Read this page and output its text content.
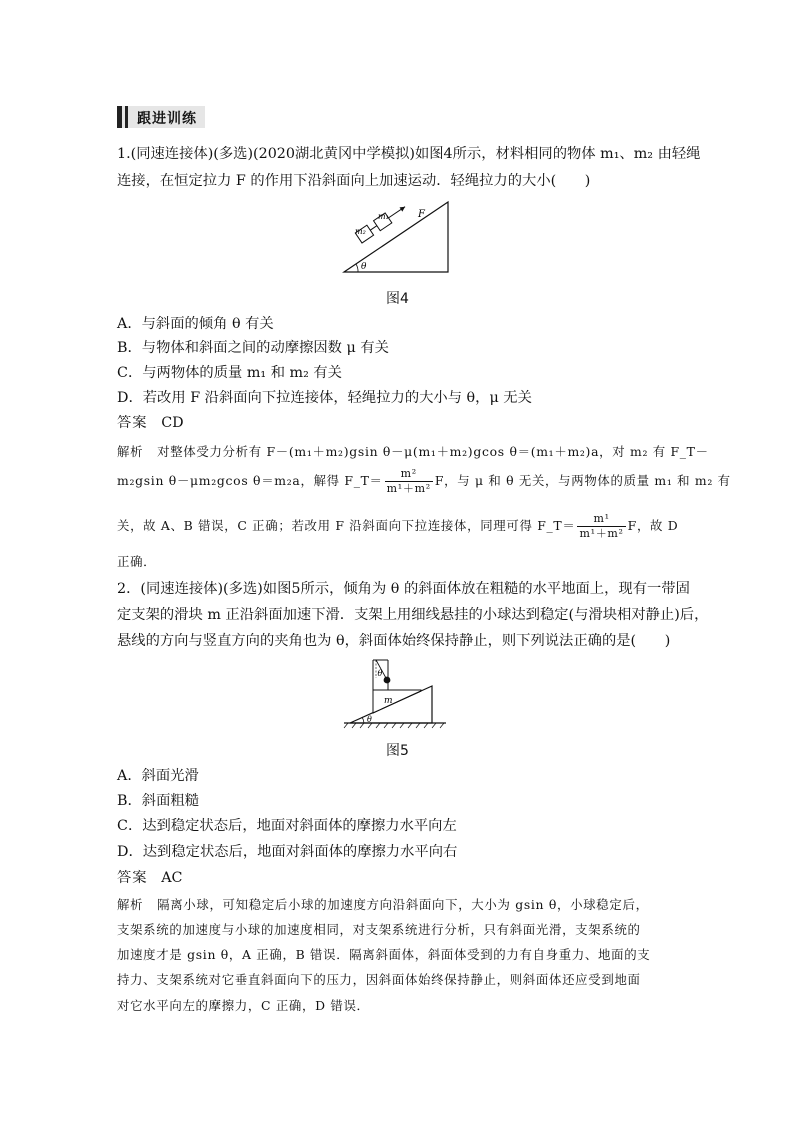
跟进训练
1.(同速连接体)(多选)(2020湖北黄冈中学模拟)如图4所示，材料相同的物体 m₁、m₂ 由轻绳
连接，在恒定拉力 F 的作用下沿斜面向上加速运动．轻绳拉力的大小(　　)
θ
m₂
m₁	F
图4
A．与斜面的倾角 θ 有关
B．与物体和斜面之间的动摩擦因数 μ 有关
C．与两物体的质量 m₁ 和 m₂ 有关
D．若改用 F 沿斜面向下拉连接体，轻绳拉力的大小与 θ，μ 无关
答案 CD
解析 对整体受力分析有 F－(m₁＋m₂)gsin θ－μ(m₁＋m₂)gcos θ＝(m₁＋m₂)a，对 m₂ 有 F_T－
m₂gsin θ－μm₂gcos θ＝m₂a，解得 F_T＝ $\frac{\text{m²}}{\text{m¹＋m²}}$ F，与 μ 和 θ 无关，与两物体的质量 m₁ 和 m₂ 有
关，故 A、B 错误，C 正确；若改用 F 沿斜面向下拉连接体，同理可得 F_T＝ $\frac{\text{m¹}}{\text{m¹＋m²}}$ F，故 D
正确．
2．(同速连接体)(多选)如图5所示，倾角为 θ 的斜面体放在粗糙的水平地面上，现有一带固
定支架的滑块 m 正沿斜面加速下滑．支架上用细线悬挂的小球达到稳定(与滑块相对静止)后，
悬线的方向与竖直方向的夹角也为 θ，斜面体始终保持静止，则下列说法正确的是(　　)
θ
m
θ
图5
A．斜面光滑
B．斜面粗糙
C．达到稳定状态后，地面对斜面体的摩擦力水平向左
D．达到稳定状态后，地面对斜面体的摩擦力水平向右
答案 AC
解析 隔离小球，可知稳定后小球的加速度方向沿斜面向下，大小为 gsin θ，小球稳定后，
支架系统的加速度与小球的加速度相同，对支架系统进行分析，只有斜面光滑，支架系统的
加速度才是 gsin θ，A 正确，B 错误．隔离斜面体，斜面体受到的力有自身重力、地面的支
持力、支架系统对它垂直斜面向下的压力，因斜面体始终保持静止，则斜面体还应受到地面
对它水平向左的摩擦力，C 正确，D 错误．
